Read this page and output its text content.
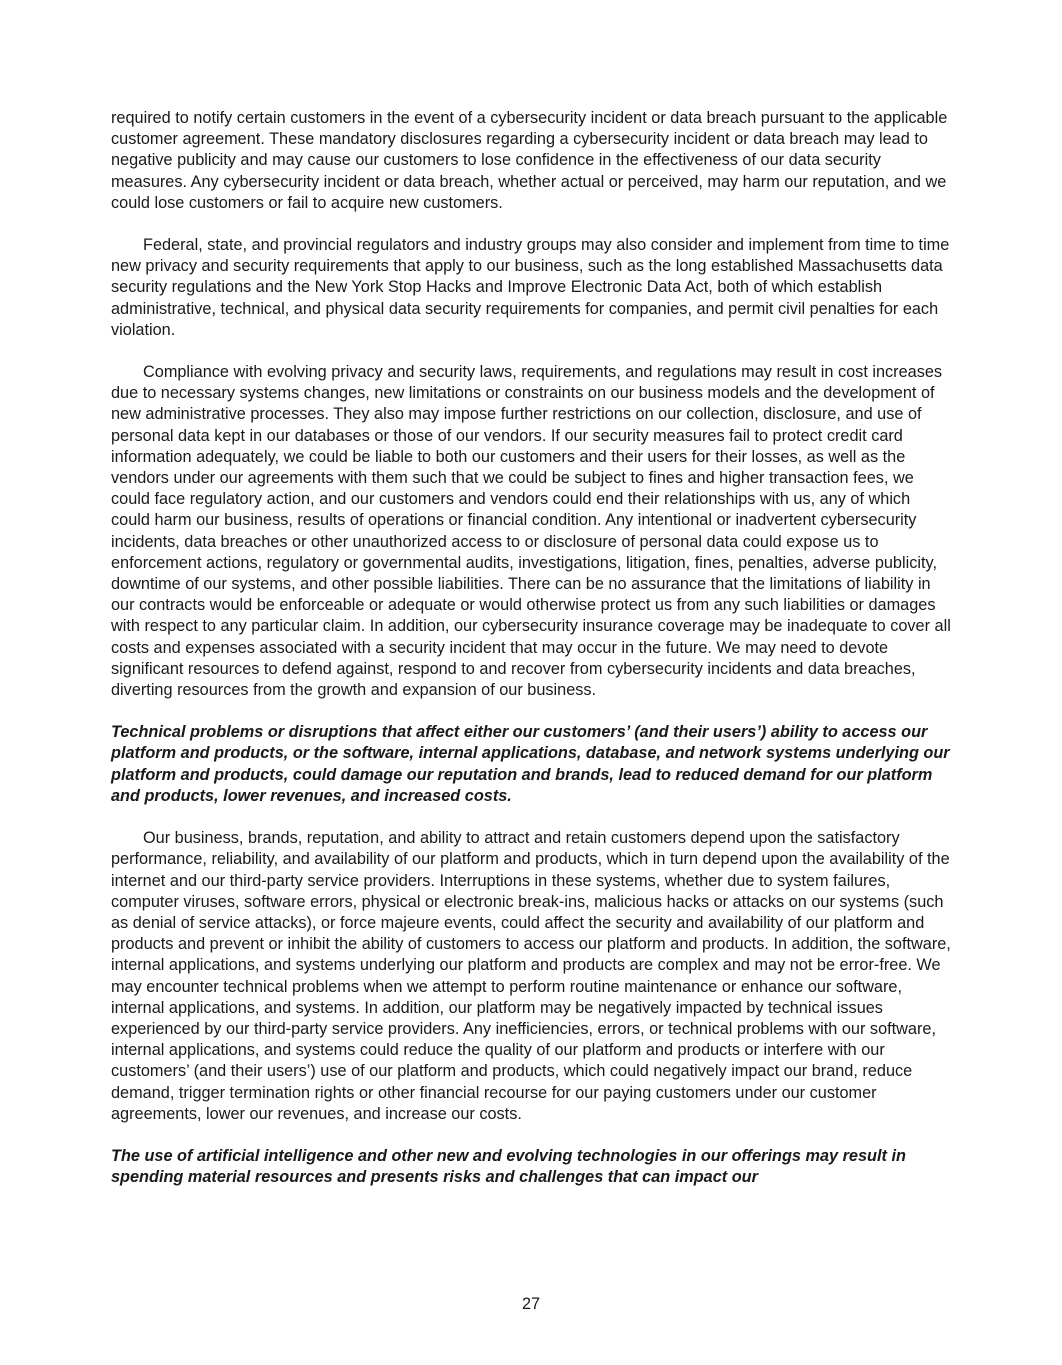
required to notify certain customers in the event of a cybersecurity incident or data breach pursuant to the applicable customer agreement. These mandatory disclosures regarding a cybersecurity incident or data breach may lead to negative publicity and may cause our customers to lose confidence in the effectiveness of our data security measures. Any cybersecurity incident or data breach, whether actual or perceived, may harm our reputation, and we could lose customers or fail to acquire new customers.

Federal, state, and provincial regulators and industry groups may also consider and implement from time to time new privacy and security requirements that apply to our business, such as the long established Massachusetts data security regulations and the New York Stop Hacks and Improve Electronic Data Act, both of which establish administrative, technical, and physical data security requirements for companies, and permit civil penalties for each violation.

Compliance with evolving privacy and security laws, requirements, and regulations may result in cost increases due to necessary systems changes, new limitations or constraints on our business models and the development of new administrative processes. They also may impose further restrictions on our collection, disclosure, and use of personal data kept in our databases or those of our vendors. If our security measures fail to protect credit card information adequately, we could be liable to both our customers and their users for their losses, as well as the vendors under our agreements with them such that we could be subject to fines and higher transaction fees, we could face regulatory action, and our customers and vendors could end their relationships with us, any of which could harm our business, results of operations or financial condition. Any intentional or inadvertent cybersecurity incidents, data breaches or other unauthorized access to or disclosure of personal data could expose us to enforcement actions, regulatory or governmental audits, investigations, litigation, fines, penalties, adverse publicity, downtime of our systems, and other possible liabilities. There can be no assurance that the limitations of liability in our contracts would be enforceable or adequate or would otherwise protect us from any such liabilities or damages with respect to any particular claim. In addition, our cybersecurity insurance coverage may be inadequate to cover all costs and expenses associated with a security incident that may occur in the future. We may need to devote significant resources to defend against, respond to and recover from cybersecurity incidents and data breaches, diverting resources from the growth and expansion of our business.

Technical problems or disruptions that affect either our customers’ (and their users’) ability to access our platform and products, or the software, internal applications, database, and network systems underlying our platform and products, could damage our reputation and brands, lead to reduced demand for our platform and products, lower revenues, and increased costs.

Our business, brands, reputation, and ability to attract and retain customers depend upon the satisfactory performance, reliability, and availability of our platform and products, which in turn depend upon the availability of the internet and our third-party service providers. Interruptions in these systems, whether due to system failures, computer viruses, software errors, physical or electronic break-ins, malicious hacks or attacks on our systems (such as denial of service attacks), or force majeure events, could affect the security and availability of our platform and products and prevent or inhibit the ability of customers to access our platform and products. In addition, the software, internal applications, and systems underlying our platform and products are complex and may not be error-free. We may encounter technical problems when we attempt to perform routine maintenance or enhance our software, internal applications, and systems. In addition, our platform may be negatively impacted by technical issues experienced by our third-party service providers. Any inefficiencies, errors, or technical problems with our software, internal applications, and systems could reduce the quality of our platform and products or interfere with our customers’ (and their users’) use of our platform and products, which could negatively impact our brand, reduce demand, trigger termination rights or other financial recourse for our paying customers under our customer agreements, lower our revenues, and increase our costs.

The use of artificial intelligence and other new and evolving technologies in our offerings may result in spending material resources and presents risks and challenges that can impact our

27
